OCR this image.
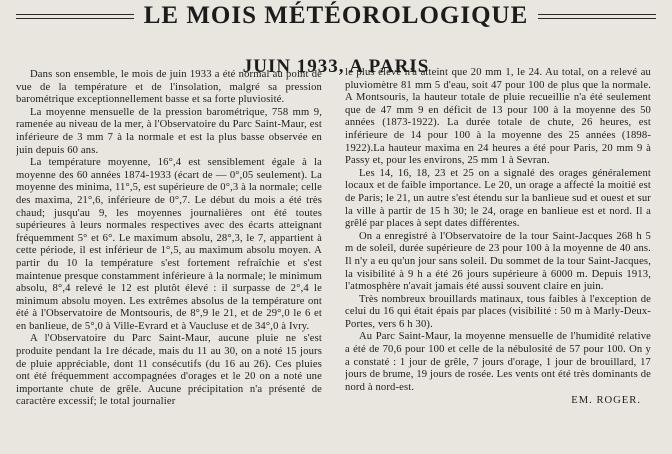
LE MOIS MÉTÉOROLOGIQUE
JUIN 1933, A PARIS

Dans son ensemble, le mois de juin 1933 a été normal au point de vue de la température et de l'insolation, malgré sa pression barométrique exceptionnellement basse et sa forte pluviosité.

La moyenne mensuelle de la pression barométrique, 758 mm 9, ramenée au niveau de la mer, à l'Observatoire du Parc Saint-Maur, est inférieure de 3 mm 7 à la normale et est la plus basse observée en juin depuis 60 ans.

La température moyenne, 16°,4 est sensiblement égale à la moyenne des 60 années 1874-1933 (écart de — 0°,05 seulement). La moyenne des minima, 11°,5, est supérieure de 0°,3 à la normale; celle des maxima, 21°,6, inférieure de 0°,7. Le début du mois a été très chaud; jusqu'au 9, les moyennes journalières ont été toutes supérieures à leurs normales respectives avec des écarts atteignant fréquemment 5° et 6°. Le maximum absolu, 28°,3, le 7, appartient à cette période, il est inférieur de 1°,5, au maximum absolu moyen. A partir du 10 la température s'est fortement refraîchie et s'est maintenue presque constamment inférieure à la normale; le minimum absolu, 8°,4 relevé le 12 est plutôt élevé : il surpasse de 2°,4 le minimum absolu moyen. Les extrêmes absolus de la température ont été à l'Observatoire de Montsouris, de 8°,9 le 21, et de 29°,0 le 6 et en banlieue, de 5°,0 à Ville-Evrard et à Vaucluse et de 34°,0 à Ivry.

A l'Observatoire du Parc Saint-Maur, aucune pluie ne s'est produite pendant la 1re décade, mais du 11 au 30, on a noté 15 jours de pluie appréciable, dont 11 consécutifs (du 16 au 26). Ces pluies ont été fréquemment accompagnées d'orages et le 20 on a noté une importante chute de grêle. Aucune précipitation n'a présenté de caractère excessif; le total journalier

le plus élevé n'a atteint que 20 mm 1, le 24. Au total, on a relevé au pluviomètre 81 mm 5 d'eau, soit 47 pour 100 de plus que la normale. A Montsouris, la hauteur totale de pluie recueillie n'a été seulement que de 47 mm 9 en déficit de 13 pour 100 à la moyenne des 50 années (1873-1922). La durée totale de chute, 26 heures, est inférieure de 14 pour 100 à la moyenne des 25 années (1898-1922).La hauteur maxima en 24 heures a été pour Paris, 20 mm 9 à Passy et, pour les environs, 25 mm 1 à Sevran.

Les 14, 16, 18, 23 et 25 on a signalé des orages généralement locaux et de faible importance. Le 20, un orage a affecté la moitié est de Paris; le 21, un autre s'est étendu sur la banlieue sud et ouest et sur la ville à partir de 15 h 30; le 24, orage en banlieue est et nord. Il a grêlé par places à sept dates différentes.

On a enregistré à l'Observatoire de la tour Saint-Jacques 268 h 5 m de soleil, durée supérieure de 23 pour 100 à la moyenne de 40 ans. Il n'y a eu qu'un jour sans soleil. Du sommet de la tour Saint-Jacques, la visibilité à 9 h a été 26 jours supérieure à 6000 m. Depuis 1913, l'atmosphère n'avait jamais été aussi souvent claire en juin.

Très nombreux brouillards matinaux, tous faibles à l'exception de celui du 16 qui était épais par places (visibilité : 50 m à Marly-Deux-Portes, vers 6 h 30).

Au Parc Saint-Maur, la moyenne mensuelle de l'humidité relative a été de 70,6 pour 100 et celle de la nébulosité de 57 pour 100. On y a constaté : 1 jour de grêle, 7 jours d'orage, 1 jour de brouillard, 17 jours de brume, 19 jours de rosée. Les vents ont été très dominants de nord à nord-est.

EM. ROGER.
